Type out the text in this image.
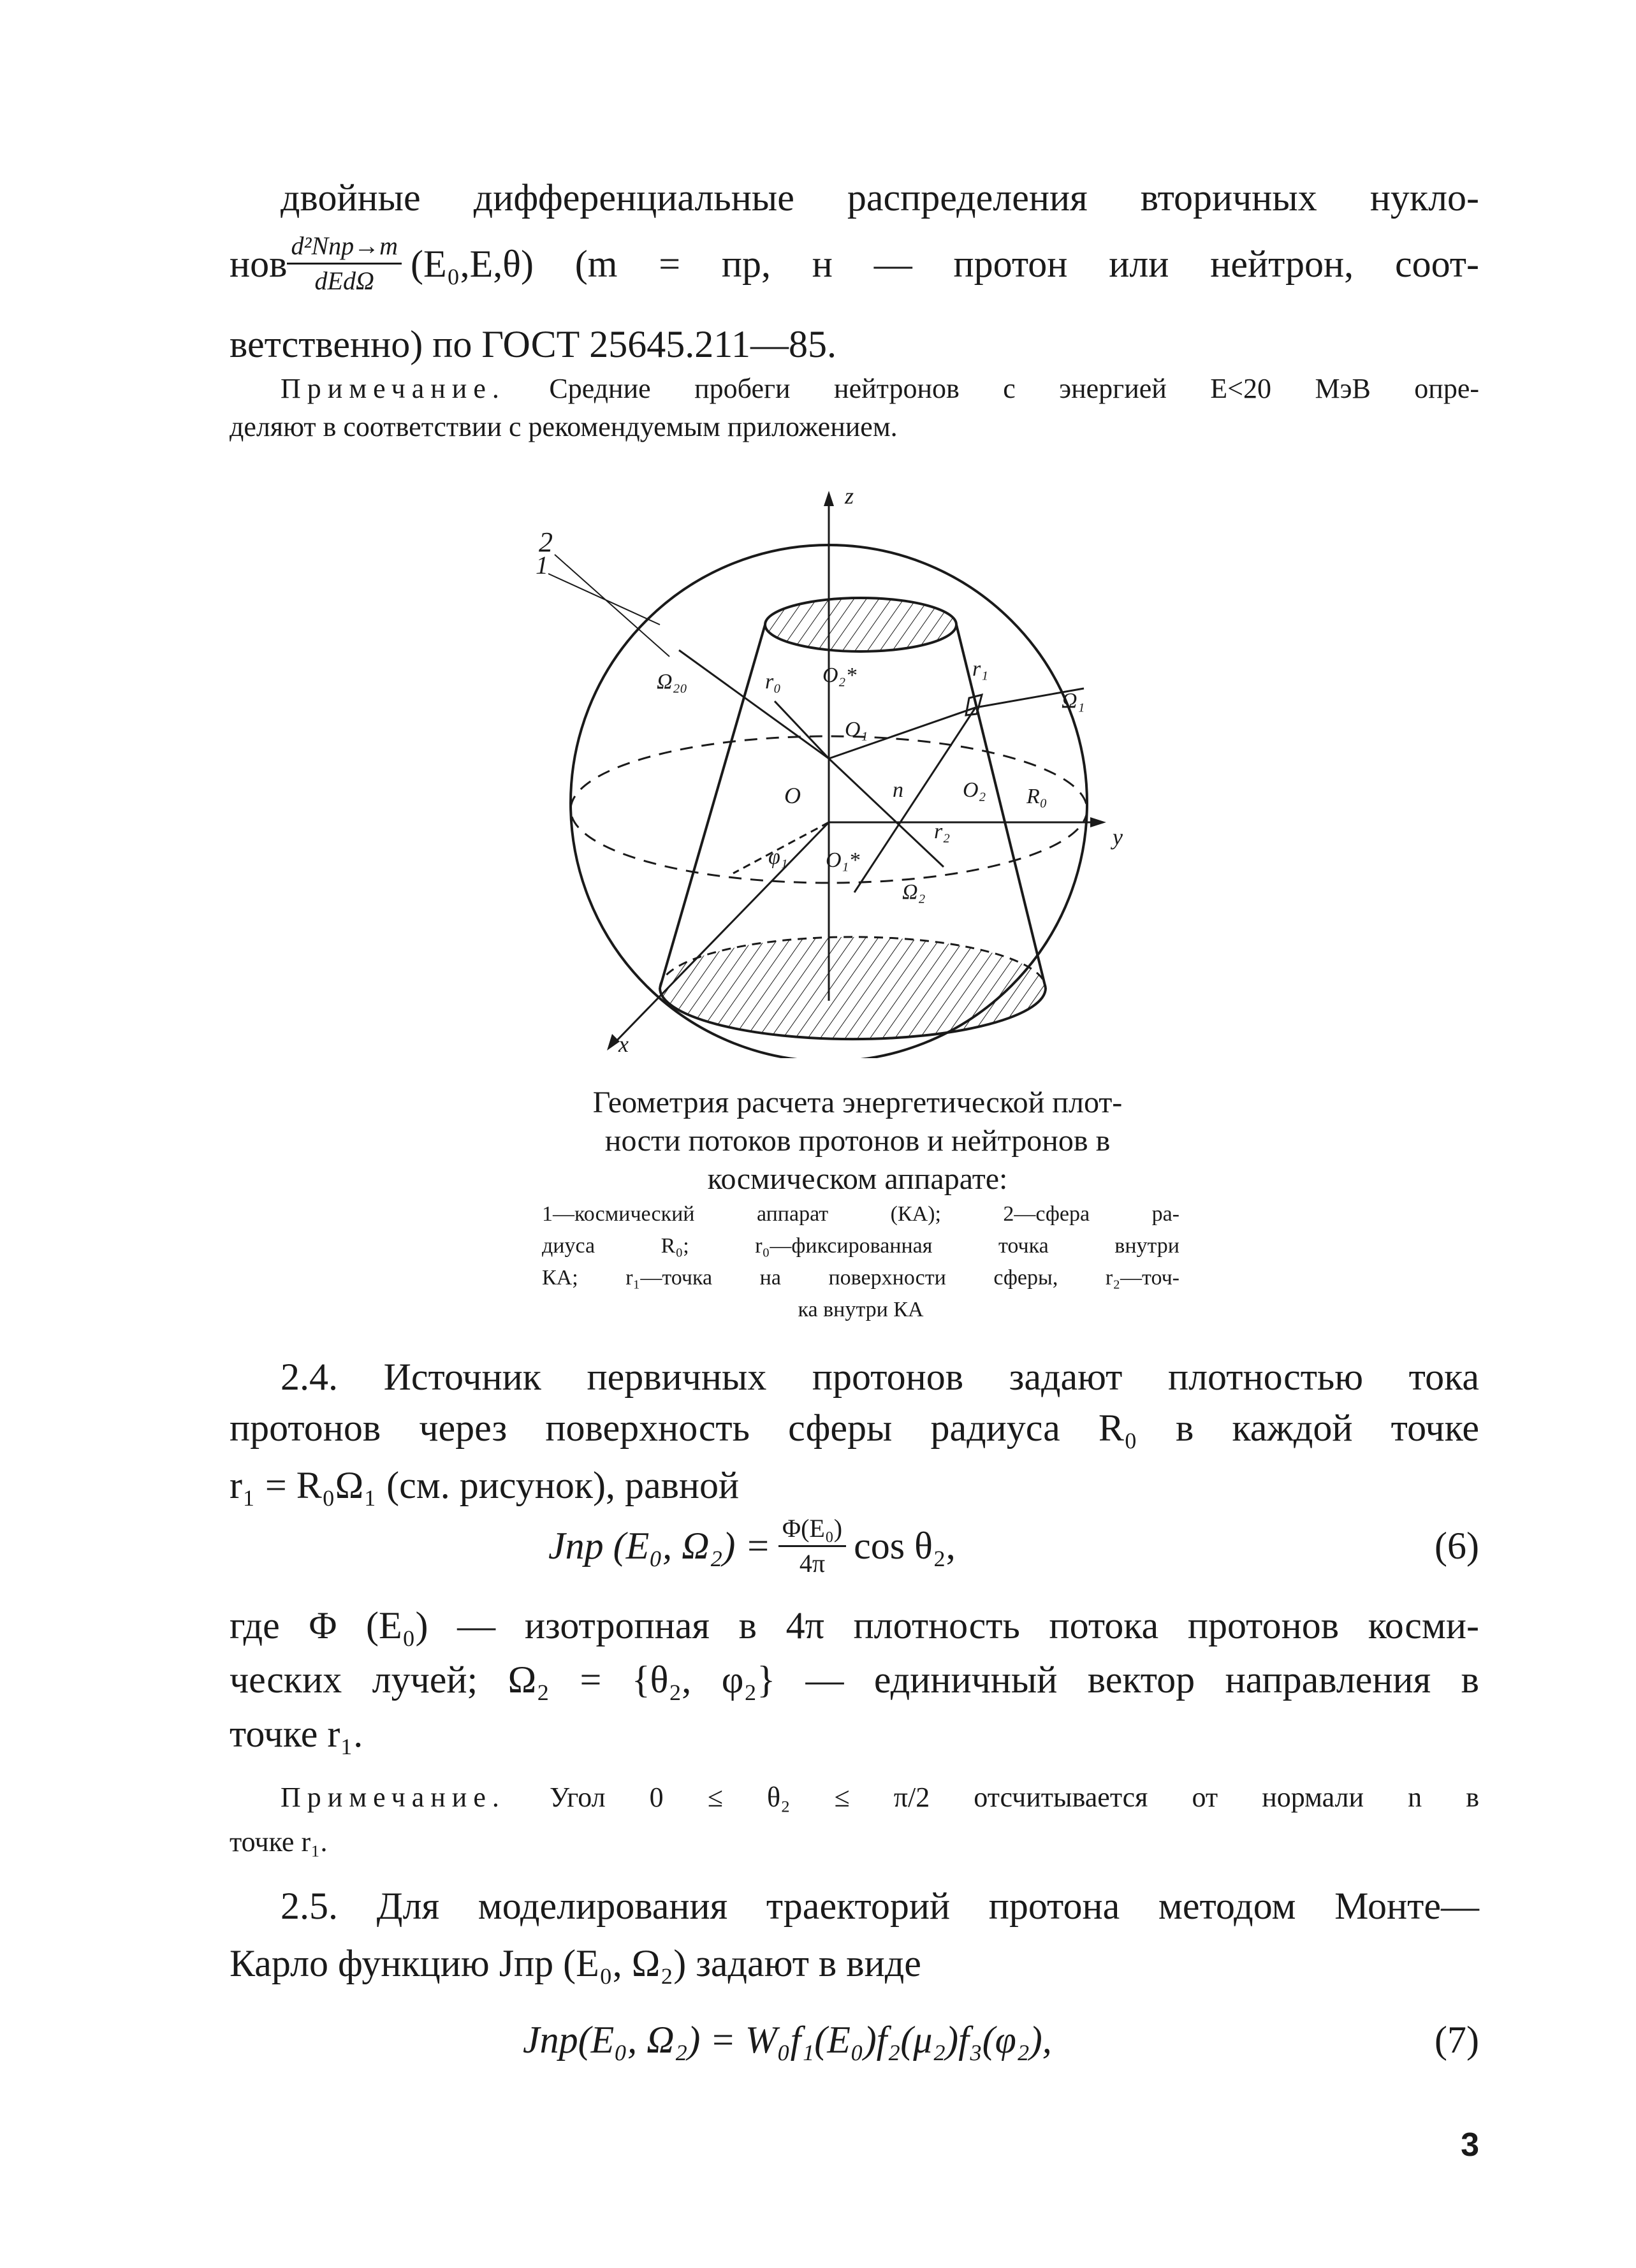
двойные дифференциальные распределения вторичных нукло-
нов $\frac{\text{d²Nпр→m}}{\text{dEdΩ}} (E_0,E,\theta) (m$ = пр, н — протон или нейтрон, соот-
ветственно) по ГОСТ 25645.211—85.
Примечание. Средние пробеги нейтронов с энергией E<20 МэВ опре-
деляют в соответствии с рекомендуемым приложением.
z
y
x
2
1
Ω₂₀	r₀ O₂*	r₁
Ω₁
O₁
O	n	O₂ R₀
r₂
φ₁ O₁*
Ω₂
Геометрия расчета энергетической плот-
ности потоков протонов и нейтронов в
космическом аппарате:
1—космический аппарат (КА); 2—сфера ра-
диуса R₀; r₀—фиксированная точка внутри
КА; r₁—точка на поверхности сферы, r₂—точ-
ка внутри КА
2.4. Источник первичных протонов задают плотностью тока
протонов через поверхность сферы радиуса R₀ в каждой точке
r₁ = R₀Ω₁ (см. рисунок), равной
Jпр (E₀, $\Omega_2) = \frac{\text{Φ(E₀)}}{4\pi}$ cos θ₂,	(6)
где Φ (E₀) — изотропная в 4π плотность потока протонов косми-
ческих лучей; Ω₂ = {θ₂, φ₂} — единичный вектор направления в
точке r₁.
Примечание. Угол 0 ≤ θ₂ ≤ π/2 отсчитывается от нормали n в
точке r₁.
2.5. Для моделирования траекторий протона методом Монте—
Карло функцию Jпр (E₀, Ω₂) задают в виде
Jпр(E₀, Ω₂) = W₀f₁(E₀)f₂(μ₂)f₃(φ₂),	(7)
3
